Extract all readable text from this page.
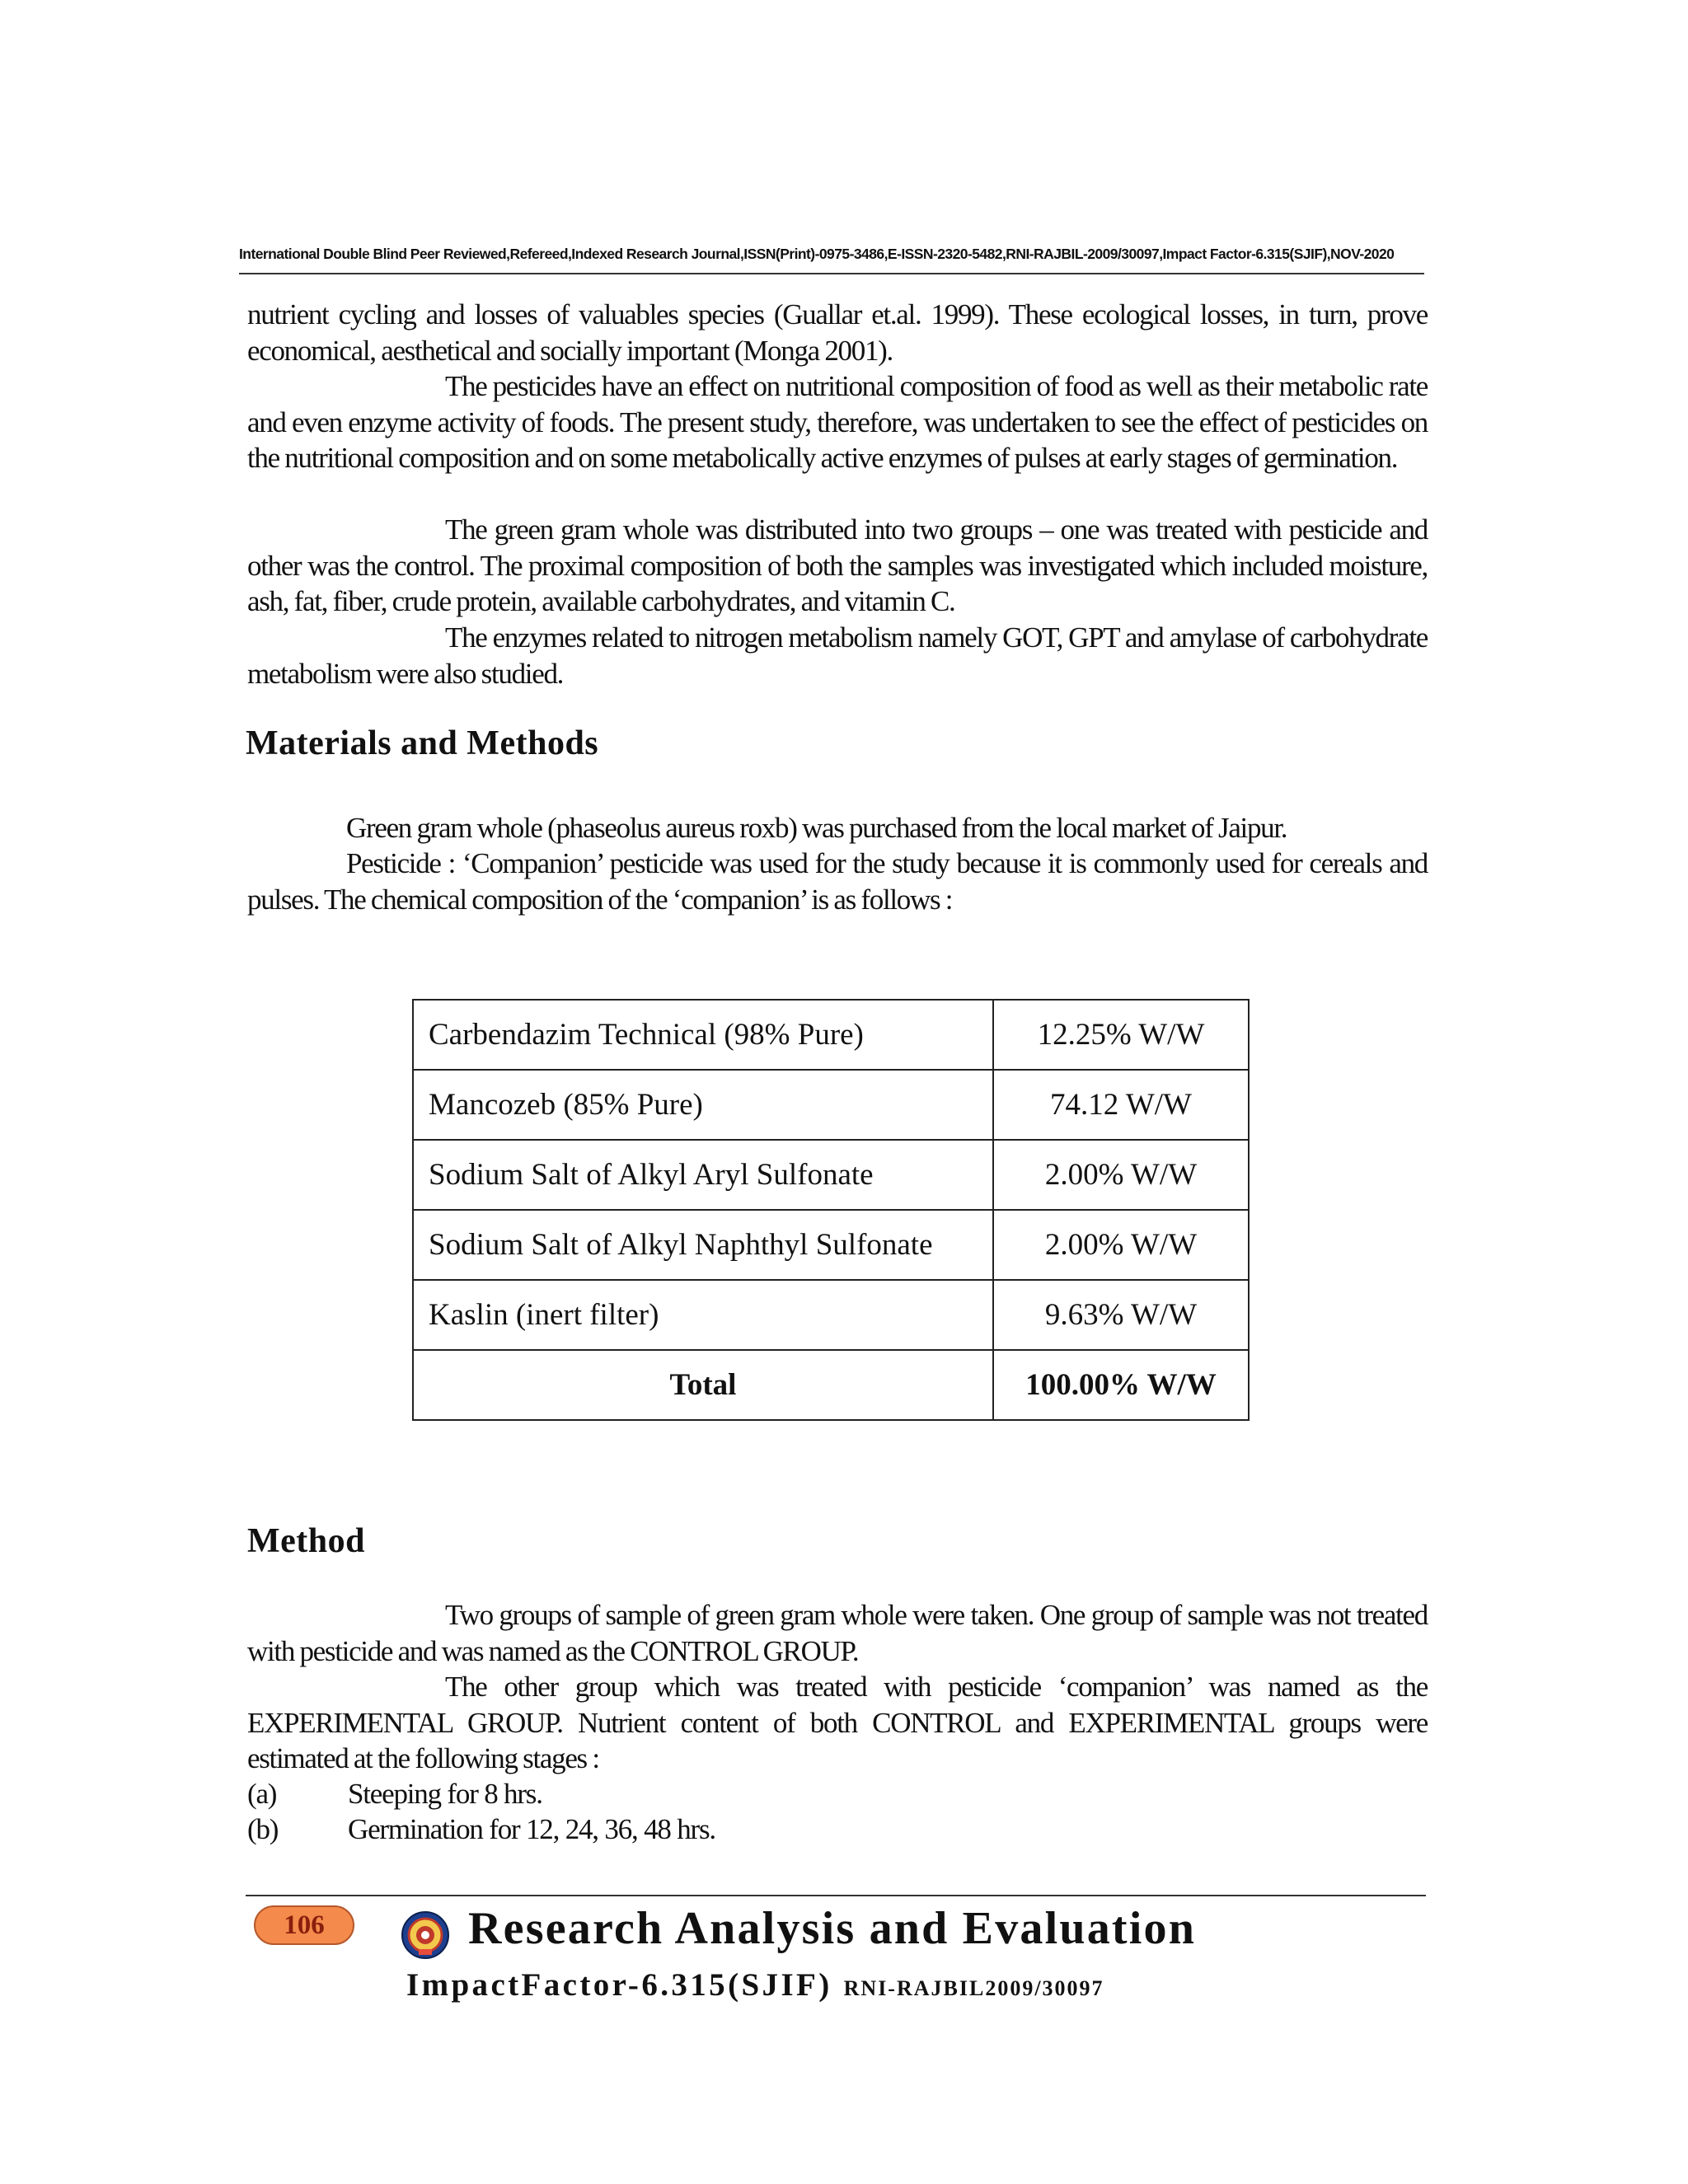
International Double Blind Peer Reviewed,Refereed,Indexed Research Journal,ISSN(Print)-0975-3486,E-ISSN-2320-5482,RNI-RAJBIL-2009/30097,Impact Factor-6.315(SJIF),NOV-2020

nutrient cycling and losses of valuables species (Guallar et.al. 1999). These ecological losses, in turn, prove economical, aesthetical and socially important (Monga 2001).

The pesticides have an effect on nutritional composition of food as well as their metabolic rate and even enzyme activity of foods. The present study, therefore, was undertaken to see the effect of pesticides on the nutritional composition and on some metabolically active enzymes of pulses at early stages of germination.

The green gram whole was distributed into two groups – one was treated with pesticide and other was the control. The proximal composition of both the samples was investigated which included moisture, ash, fat, fiber, crude protein, available carbohydrates, and vitamin C.

The enzymes related to nitrogen metabolism namely GOT, GPT and amylase of carbohydrate metabolism were also studied.

Materials and Methods

Green gram whole (phaseolus aureus roxb) was purchased from the local market of Jaipur.

Pesticide : ‘Companion’ pesticide was used for the study because it is commonly used for cereals and pulses. The chemical composition of the ‘companion’ is as follows :

Carbendazim Technical (98% Pure)	12.25% W/W
Mancozeb (85% Pure)	74.12 W/W
Sodium Salt of Alkyl Aryl Sulfonate	2.00% W/W
Sodium Salt of Alkyl Naphthyl Sulfonate	2.00% W/W
Kaslin (inert filter)	9.63% W/W
Total	100.00% W/W
Method

Two groups of sample of green gram whole were taken. One group of sample was not treated with pesticide and was named as the CONTROL GROUP.

The other group which was treated with pesticide ‘companion’ was named as the EXPERIMENTAL GROUP. Nutrient content of both CONTROL and EXPERIMENTAL groups were estimated at the following stages :

(a) Steeping for 8 hrs.
(b) Germination for 12, 24, 36, 48 hrs.
106	Research Analysis and Evaluation
ImpactFactor-6.315(SJIF) RNI-RAJBIL2009/30097
